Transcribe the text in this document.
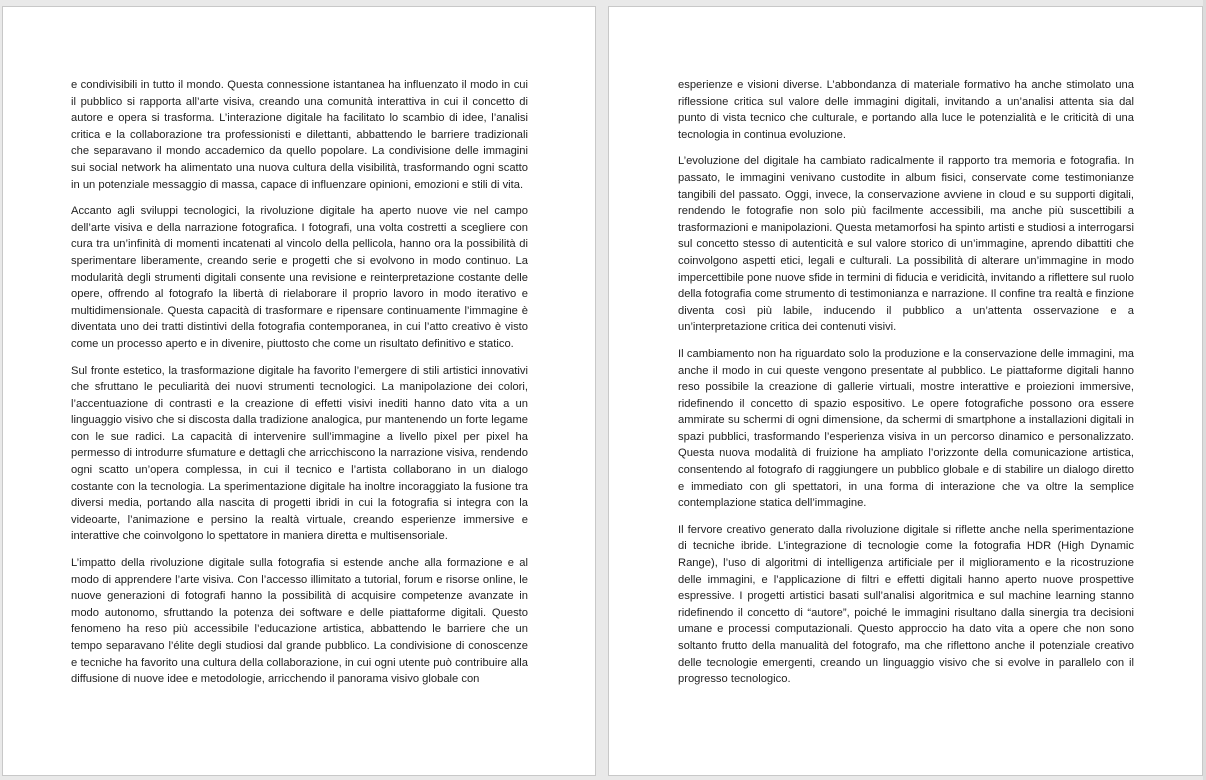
e condivisibili in tutto il mondo. Questa connessione istantanea ha influenzato il modo in cui il pubblico si rapporta all’arte visiva, creando una comunità interattiva in cui il concetto di autore e opera si trasforma. L’interazione digitale ha facilitato lo scambio di idee, l’analisi critica e la collaborazione tra professionisti e dilettanti, abbattendo le barriere tradizionali che separavano il mondo accademico da quello popolare. La condivisione delle immagini sui social network ha alimentato una nuova cultura della visibilità, trasformando ogni scatto in un potenziale messaggio di massa, capace di influenzare opinioni, emozioni e stili di vita.

Accanto agli sviluppi tecnologici, la rivoluzione digitale ha aperto nuove vie nel campo dell’arte visiva e della narrazione fotografica. I fotografi, una volta costretti a scegliere con cura tra un’infinità di momenti incatenati al vincolo della pellicola, hanno ora la possibilità di sperimentare liberamente, creando serie e progetti che si evolvono in modo continuo. La modularità degli strumenti digitali consente una revisione e reinterpretazione costante delle opere, offrendo al fotografo la libertà di rielaborare il proprio lavoro in modo iterativo e multidimensionale. Questa capacità di trasformare e ripensare continuamente l’immagine è diventata uno dei tratti distintivi della fotografia contemporanea, in cui l’atto creativo è visto come un processo aperto e in divenire, piuttosto che come un risultato definitivo e statico.

Sul fronte estetico, la trasformazione digitale ha favorito l’emergere di stili artistici innovativi che sfruttano le peculiarità dei nuovi strumenti tecnologici. La manipolazione dei colori, l’accentuazione di contrasti e la creazione di effetti visivi inediti hanno dato vita a un linguaggio visivo che si discosta dalla tradizione analogica, pur mantenendo un forte legame con le sue radici. La capacità di intervenire sull’immagine a livello pixel per pixel ha permesso di introdurre sfumature e dettagli che arricchiscono la narrazione visiva, rendendo ogni scatto un’opera complessa, in cui il tecnico e l’artista collaborano in un dialogo costante con la tecnologia. La sperimentazione digitale ha inoltre incoraggiato la fusione tra diversi media, portando alla nascita di progetti ibridi in cui la fotografia si integra con la videoarte, l’animazione e persino la realtà virtuale, creando esperienze immersive e interattive che coinvolgono lo spettatore in maniera diretta e multisensoriale.

L’impatto della rivoluzione digitale sulla fotografia si estende anche alla formazione e al modo di apprendere l’arte visiva. Con l’accesso illimitato a tutorial, forum e risorse online, le nuove generazioni di fotografi hanno la possibilità di acquisire competenze avanzate in modo autonomo, sfruttando la potenza dei software e delle piattaforme digitali. Questo fenomeno ha reso più accessibile l’educazione artistica, abbattendo le barriere che un tempo separavano l’élite degli studiosi dal grande pubblico. La condivisione di conoscenze e tecniche ha favorito una cultura della collaborazione, in cui ogni utente può contribuire alla diffusione di nuove idee e metodologie, arricchendo il panorama visivo globale con

esperienze e visioni diverse. L’abbondanza di materiale formativo ha anche stimolato una riflessione critica sul valore delle immagini digitali, invitando a un’analisi attenta sia dal punto di vista tecnico che culturale, e portando alla luce le potenzialità e le criticità di una tecnologia in continua evoluzione.

L’evoluzione del digitale ha cambiato radicalmente il rapporto tra memoria e fotografia. In passato, le immagini venivano custodite in album fisici, conservate come testimonianze tangibili del passato. Oggi, invece, la conservazione avviene in cloud e su supporti digitali, rendendo le fotografie non solo più facilmente accessibili, ma anche più suscettibili a trasformazioni e manipolazioni. Questa metamorfosi ha spinto artisti e studiosi a interrogarsi sul concetto stesso di autenticità e sul valore storico di un’immagine, aprendo dibattiti che coinvolgono aspetti etici, legali e culturali. La possibilità di alterare un’immagine in modo impercettibile pone nuove sfide in termini di fiducia e veridicità, invitando a riflettere sul ruolo della fotografia come strumento di testimonianza e narrazione. Il confine tra realtà e finzione diventa così più labile, inducendo il pubblico a un’attenta osservazione e a un’interpretazione critica dei contenuti visivi.

Il cambiamento non ha riguardato solo la produzione e la conservazione delle immagini, ma anche il modo in cui queste vengono presentate al pubblico. Le piattaforme digitali hanno reso possibile la creazione di gallerie virtuali, mostre interattive e proiezioni immersive, ridefinendo il concetto di spazio espositivo. Le opere fotografiche possono ora essere ammirate su schermi di ogni dimensione, da schermi di smartphone a installazioni digitali in spazi pubblici, trasformando l’esperienza visiva in un percorso dinamico e personalizzato. Questa nuova modalità di fruizione ha ampliato l’orizzonte della comunicazione artistica, consentendo al fotografo di raggiungere un pubblico globale e di stabilire un dialogo diretto e immediato con gli spettatori, in una forma di interazione che va oltre la semplice contemplazione statica dell’immagine.

Il fervore creativo generato dalla rivoluzione digitale si riflette anche nella sperimentazione di tecniche ibride. L’integrazione di tecnologie come la fotografia HDR (High Dynamic Range), l’uso di algoritmi di intelligenza artificiale per il miglioramento e la ricostruzione delle immagini, e l’applicazione di filtri e effetti digitali hanno aperto nuove prospettive espressive. I progetti artistici basati sull’analisi algoritmica e sul machine learning stanno ridefinendo il concetto di “autore”, poiché le immagini risultano dalla sinergia tra decisioni umane e processi computazionali. Questo approccio ha dato vita a opere che non sono soltanto frutto della manualità del fotografo, ma che riflettono anche il potenziale creativo delle tecnologie emergenti, creando un linguaggio visivo che si evolve in parallelo con il progresso tecnologico.
